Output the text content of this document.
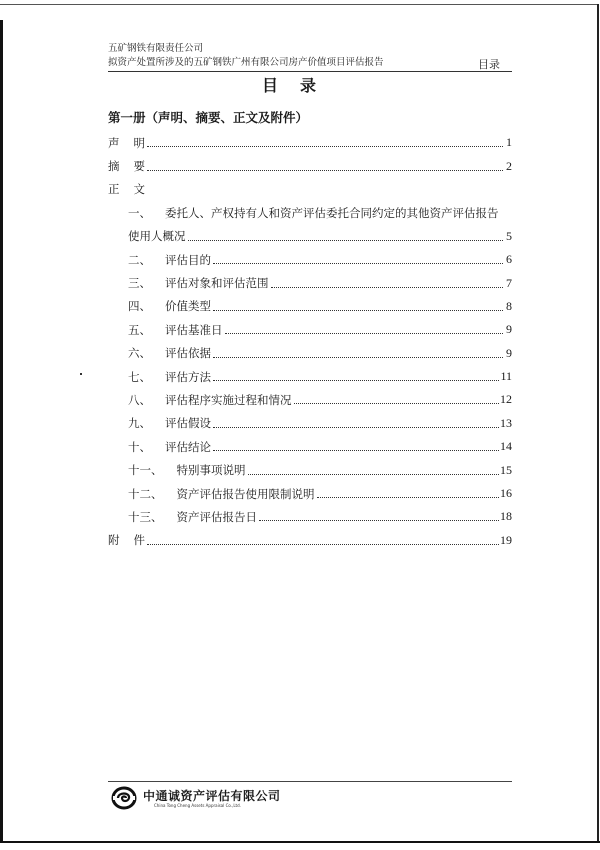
五矿钢铁有限责任公司
拟资产处置所涉及的五矿钢铁广州有限公司房产价值项目评估报告	目录
目录
第一册（声明、摘要、正文及附件）
声 明	1
摘 要	2
正 文
一、 委托人、产权持有人和资产评估委托合同约定的其他资产评估报告
使用人概况	5
二、 评估目的	6
三、 评估对象和评估范围	7
四、 价值类型	8
五、 评估基准日	9
六、 评估依据	9
七、 评估方法	11
八、 评估程序实施过程和情况	12
九、 评估假设	13
十、 评估结论	14
十一、 特别事项说明	15
十二、 资产评估报告使用限制说明	16
十三、 资产评估报告日	18
附 件	19
中通诚资产评估有限公司
China Tong Cheng Assets Appraisal Co.,Ltd.
